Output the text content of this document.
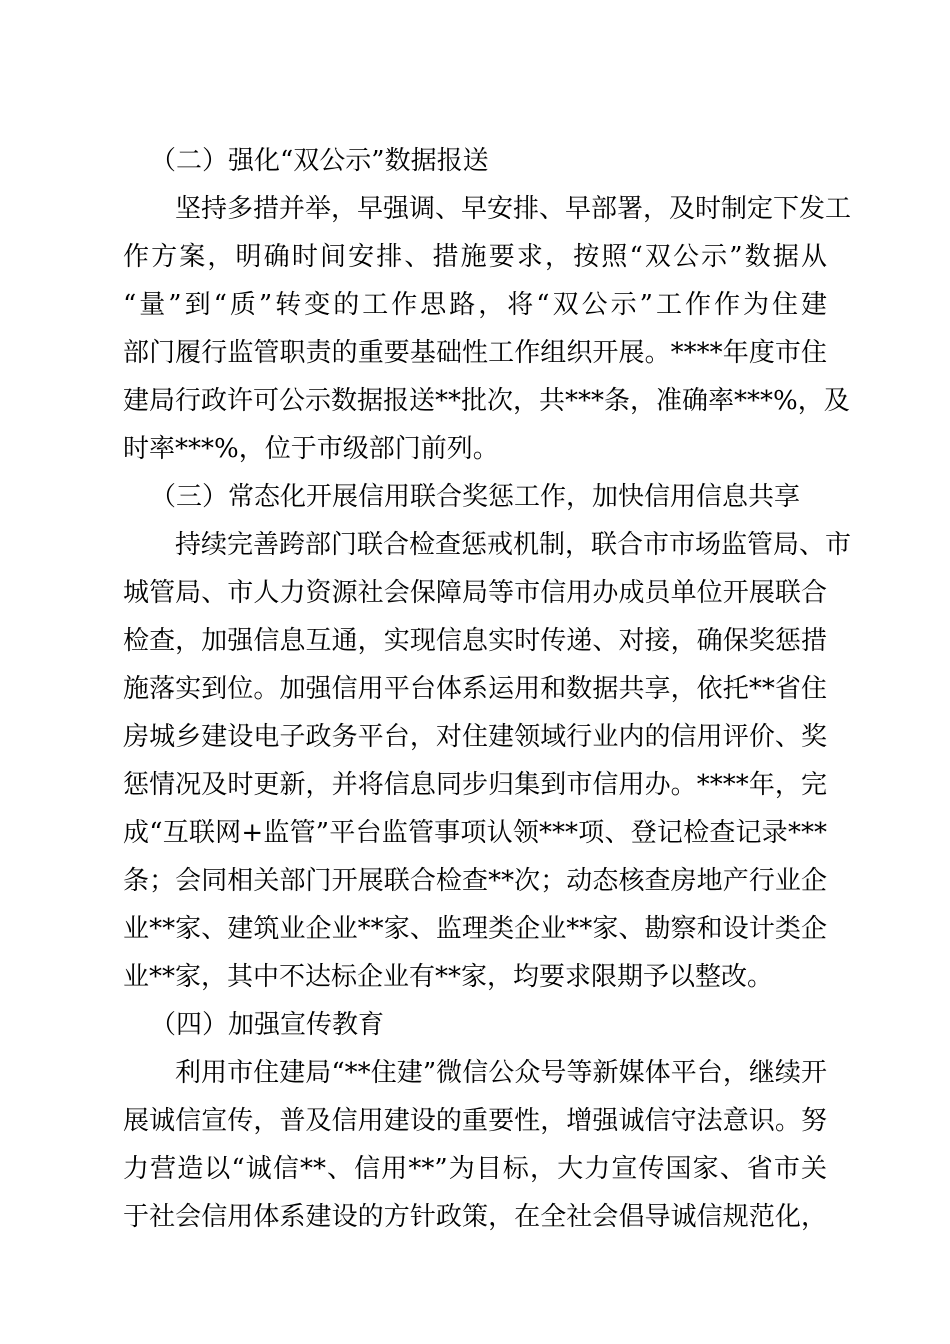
（二）强化“双公示”数据报送
坚持多措并举，早强调、早安排、早部署，及时制定下发工
作方案，明确时间安排、措施要求，按照“双公示”数据从
“量”到“质”转变的工作思路，将“双公示”工作作为住建
部门履行监管职责的重要基础性工作组织开展。****年度市住
建局行政许可公示数据报送**批次，共***条，准确率***%，及
时率***%，位于市级部门前列。
（三）常态化开展信用联合奖惩工作，加快信用信息共享
持续完善跨部门联合检查惩戒机制，联合市市场监管局、市
城管局、市人力资源社会保障局等市信用办成员单位开展联合
检查，加强信息互通，实现信息实时传递、对接，确保奖惩措
施落实到位。加强信用平台体系运用和数据共享，依托**省住
房城乡建设电子政务平台，对住建领域行业内的信用评价、奖
惩情况及时更新，并将信息同步归集到市信用办。****年，完
成“互联网+监管”平台监管事项认领***项、登记检查记录***
条；会同相关部门开展联合检查**次；动态核查房地产行业企
业**家、建筑业企业**家、监理类企业**家、勘察和设计类企
业**家，其中不达标企业有**家，均要求限期予以整改。
（四）加强宣传教育
利用市住建局“**住建”微信公众号等新媒体平台，继续开
展诚信宣传，普及信用建设的重要性，增强诚信守法意识。努
力营造以“诚信**、信用**”为目标，大力宣传国家、省市关
于社会信用体系建设的方针政策，在全社会倡导诚信规范化，
